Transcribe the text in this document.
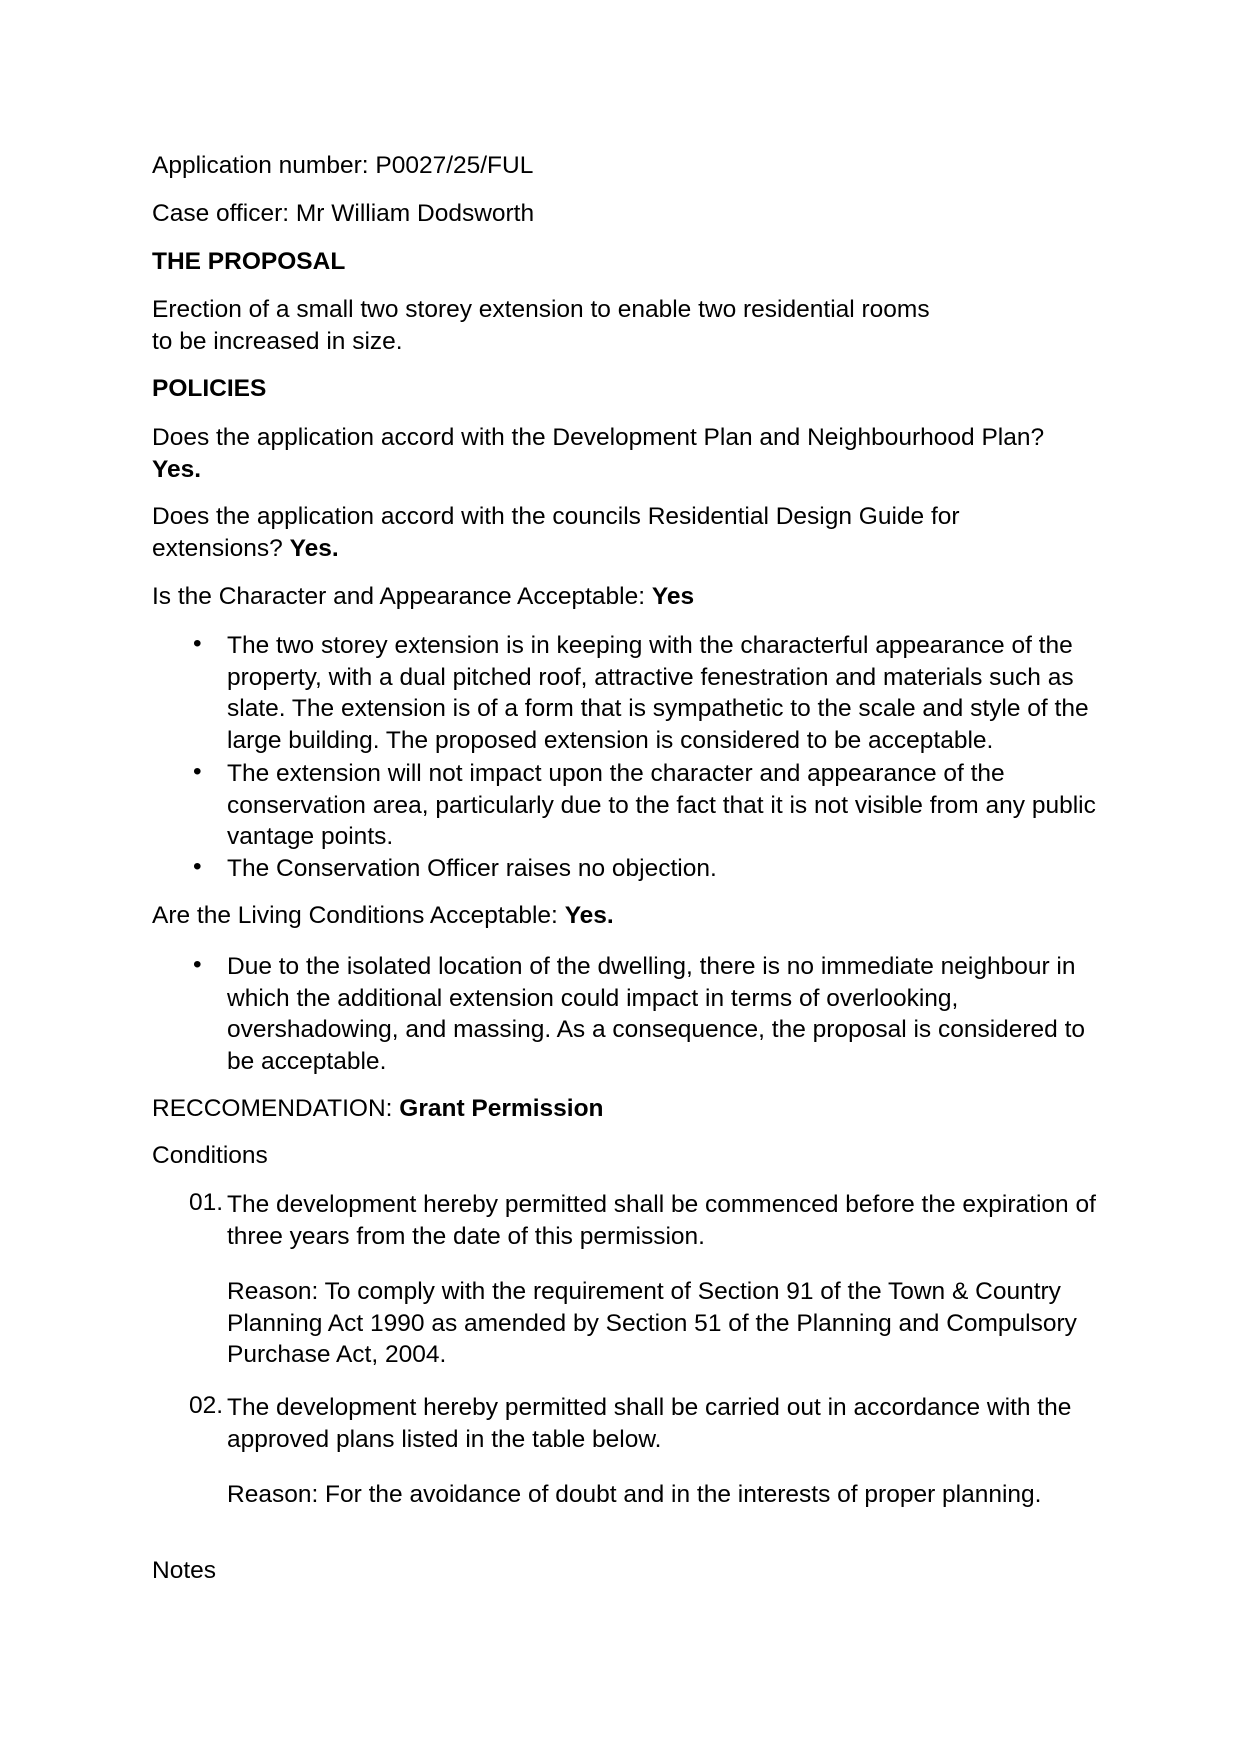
Application number: P0027/25/FUL
Case officer: Mr William Dodsworth
THE PROPOSAL
Erection of a small two storey extension to enable two residential rooms to be increased in size.
POLICIES
Does the application accord with the Development Plan and Neighbourhood Plan?
Yes.
Does the application accord with the councils Residential Design Guide for extensions? Yes.
Is the Character and Appearance Acceptable: Yes
• The two storey extension is in keeping with the characterful appearance of the property, with a dual pitched roof, attractive fenestration and materials such as slate. The extension is of a form that is sympathetic to the scale and style of the large building. The proposed extension is considered to be acceptable.
• The extension will not impact upon the character and appearance of the conservation area, particularly due to the fact that it is not visible from any public vantage points.
• The Conservation Officer raises no objection.
Are the Living Conditions Acceptable: Yes.
• Due to the isolated location of the dwelling, there is no immediate neighbour in which the additional extension could impact in terms of overlooking, overshadowing, and massing. As a consequence, the proposal is considered to be acceptable.
RECCOMENDATION: Grant Permission
Conditions
01. The development hereby permitted shall be commenced before the expiration of three years from the date of this permission.
Reason: To comply with the requirement of Section 91 of the Town & Country Planning Act 1990 as amended by Section 51 of the Planning and Compulsory Purchase Act, 2004.
02. The development hereby permitted shall be carried out in accordance with the approved plans listed in the table below.
Reason: For the avoidance of doubt and in the interests of proper planning.
Notes
